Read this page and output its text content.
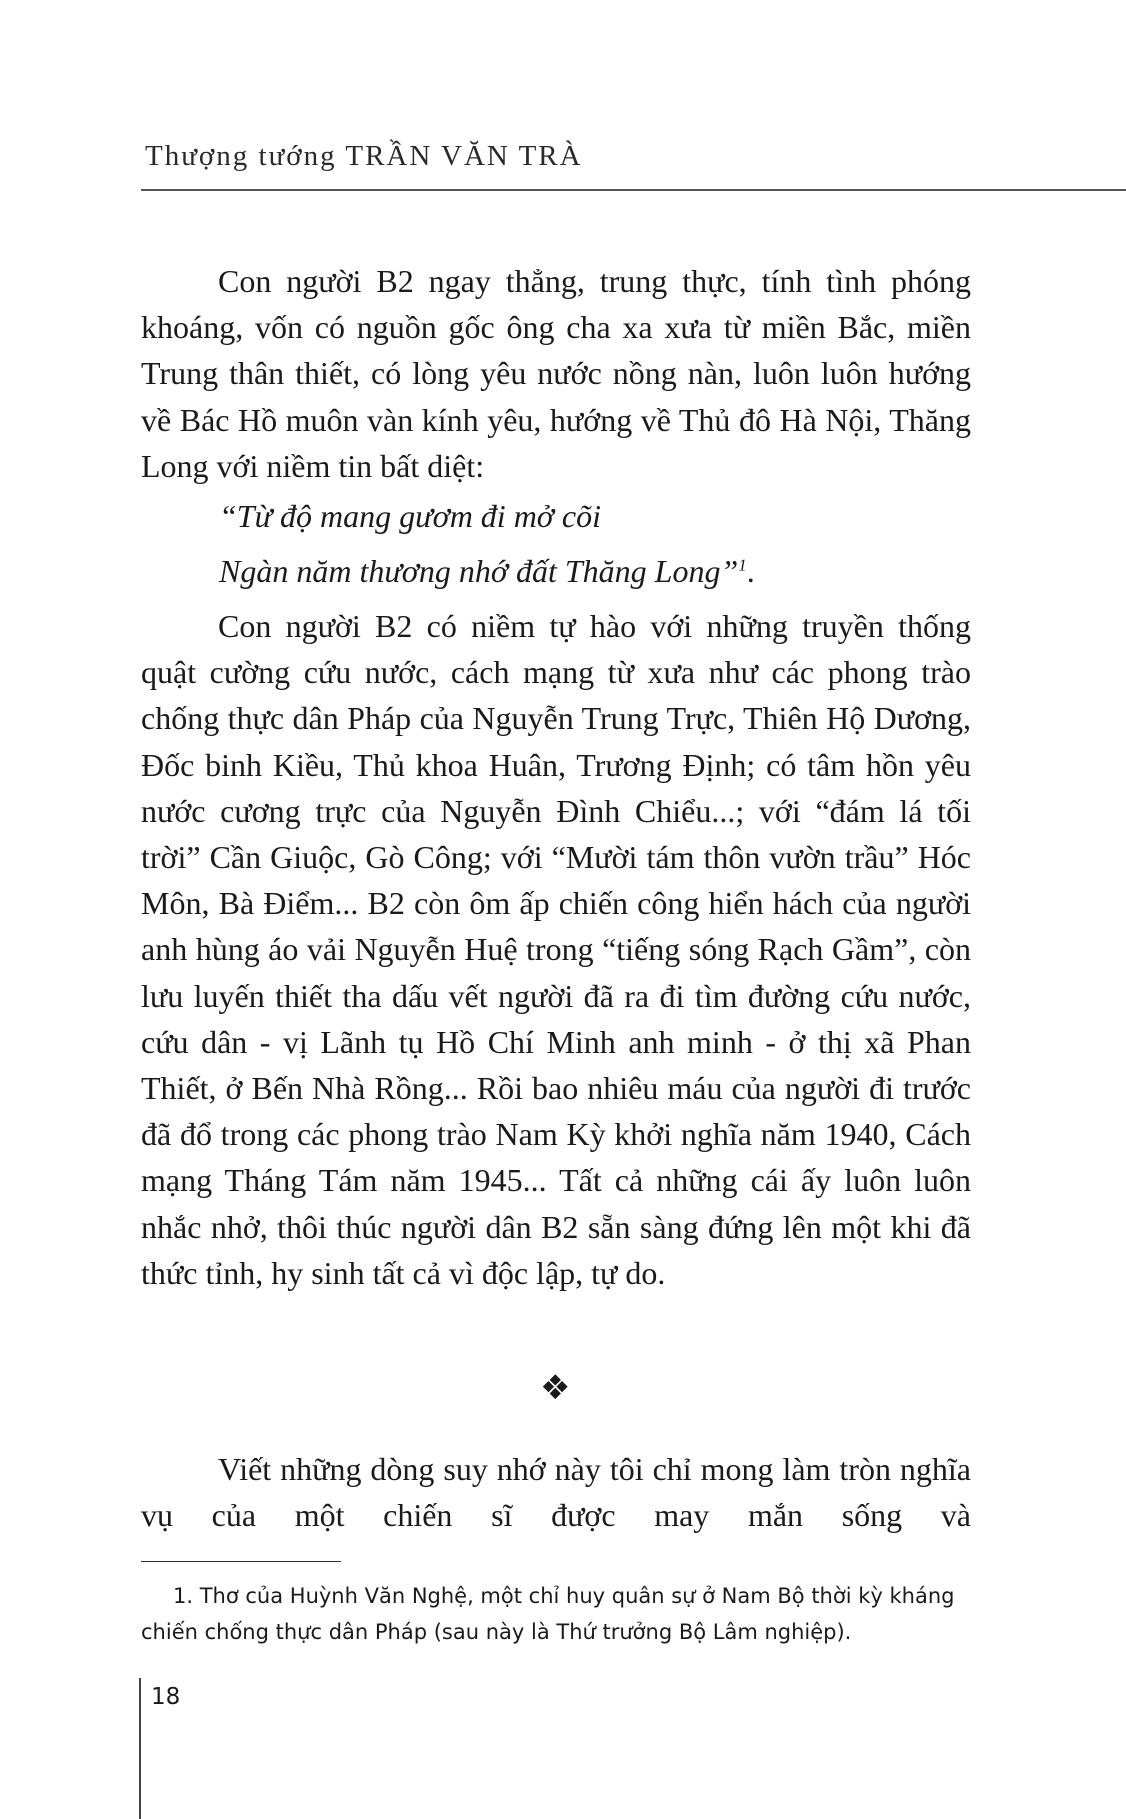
Thượng tướng TRẦN VĂN TRÀ

Con người B2 ngay thẳng, trung thực, tính tình phóng khoáng, vốn có nguồn gốc ông cha xa xưa từ miền Bắc, miền Trung thân thiết, có lòng yêu nước nồng nàn, luôn luôn hướng về Bác Hồ muôn vàn kính yêu, hướng về Thủ đô Hà Nội, Thăng Long với niềm tin bất diệt:

“Từ độ mang gươm đi mở cõi
Ngàn năm thương nhớ đất Thăng Long”$^1$.

Con người B2 có niềm tự hào với những truyền thống quật cường cứu nước, cách mạng từ xưa như các phong trào chống thực dân Pháp của Nguyễn Trung Trực, Thiên Hộ Dương, Đốc binh Kiều, Thủ khoa Huân, Trương Định; có tâm hồn yêu nước cương trực của Nguyễn Đình Chiểu...; với “đám lá tối trời” Cần Giuộc, Gò Công; với “Mười tám thôn vườn trầu” Hóc Môn, Bà Điểm... B2 còn ôm ấp chiến công hiển hách của người anh hùng áo vải Nguyễn Huệ trong “tiếng sóng Rạch Gầm”, còn lưu luyến thiết tha dấu vết người đã ra đi tìm đường cứu nước, cứu dân - vị Lãnh tụ Hồ Chí Minh anh minh - ở thị xã Phan Thiết, ở Bến Nhà Rồng... Rồi bao nhiêu máu của người đi trước đã đổ trong các phong trào Nam Kỳ khởi nghĩa năm 1940, Cách mạng Tháng Tám năm 1945... Tất cả những cái ấy luôn luôn nhắc nhở, thôi thúc người dân B2 sẵn sàng đứng lên một khi đã thức tỉnh, hy sinh tất cả vì độc lập, tự do.

❖

Viết những dòng suy nhớ này tôi chỉ mong làm tròn nghĩa vụ của một chiến sĩ được may mắn sống và

1. Thơ của Huỳnh Văn Nghệ, một chỉ huy quân sự ở Nam Bộ thời kỳ kháng chiến chống thực dân Pháp (sau này là Thứ trưởng Bộ Lâm nghiệp).
18
